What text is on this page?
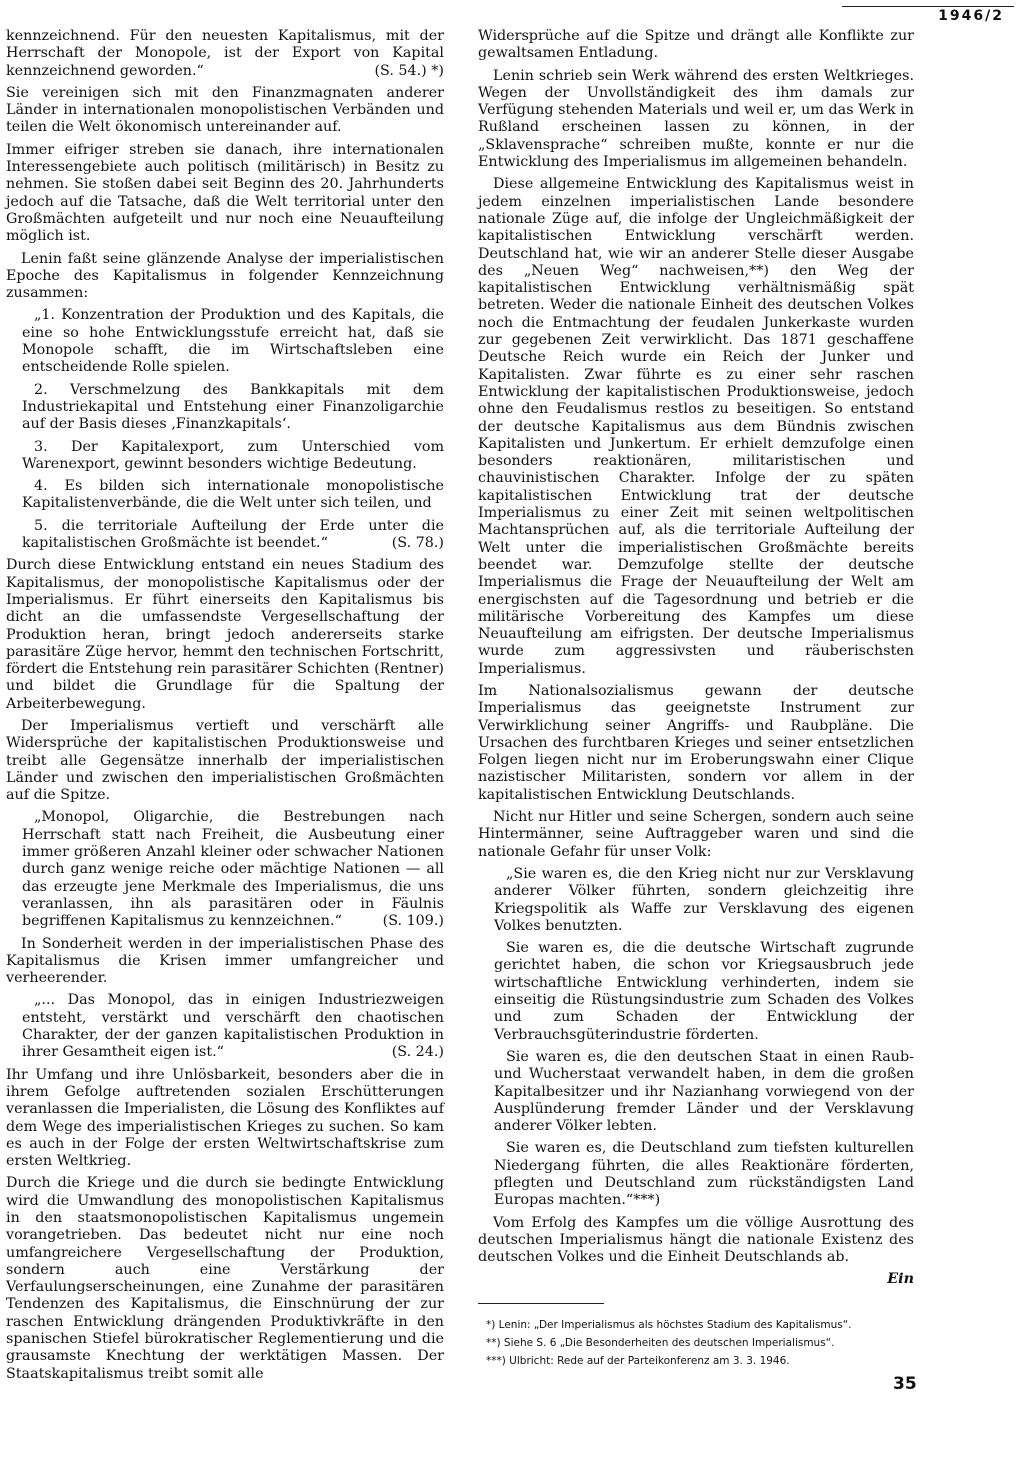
1946/2

kennzeichnend. Für den neuesten Kapitalismus, mit der Herrschaft der Monopole, ist der Export von Kapital kennzeichnend geworden.“	(S. 54.) *)

Sie vereinigen sich mit den Finanzmagnaten anderer Länder in internationalen monopolistischen Verbänden und teilen die Welt ökonomisch untereinander auf.

Immer eifriger streben sie danach, ihre internationalen Interessengebiete auch politisch (militärisch) in Besitz zu nehmen. Sie stoßen dabei seit Beginn des 20. Jahrhunderts jedoch auf die Tatsache, daß die Welt territorial unter den Großmächten aufgeteilt und nur noch eine Neuaufteilung möglich ist.

Lenin faßt seine glänzende Analyse der imperialistischen Epoche des Kapitalismus in folgender Kennzeichnung zusammen:

„1. Konzentration der Produktion und des Kapitals, die eine so hohe Entwicklungsstufe erreicht hat, daß sie Monopole schafft, die im Wirtschaftsleben eine entscheidende Rolle spielen.

2. Verschmelzung des Bankkapitals mit dem Industriekapital und Entstehung einer Finanzoligarchie auf der Basis dieses ‚Finanzkapitals‘.

3. Der Kapitalexport, zum Unterschied vom Warenexport, gewinnt besonders wichtige Bedeutung.

4. Es bilden sich internationale monopolistische Kapitalistenverbände, die die Welt unter sich teilen, und

5. die territoriale Aufteilung der Erde unter die kapitalistischen Großmächte ist beendet.“	(S. 78.)

Durch diese Entwicklung entstand ein neues Stadium des Kapitalismus, der monopolistische Kapitalismus oder der Imperialismus. Er führt einerseits den Kapitalismus bis dicht an die umfassendste Vergesellschaftung der Produktion heran, bringt jedoch andererseits starke parasitäre Züge hervor, hemmt den technischen Fortschritt, fördert die Entstehung rein parasitärer Schichten (Rentner) und bildet die Grundlage für die Spaltung der Arbeiterbewegung.

Der Imperialismus vertieft und verschärft alle Widersprüche der kapitalistischen Produktionsweise und treibt alle Gegensätze innerhalb der imperialistischen Länder und zwischen den imperialistischen Großmächten auf die Spitze.

„Monopol, Oligarchie, die Bestrebungen nach Herrschaft statt nach Freiheit, die Ausbeutung einer immer größeren Anzahl kleiner oder schwacher Nationen durch ganz wenige reiche oder mächtige Nationen — all das erzeugte jene Merkmale des Imperialismus, die uns veranlassen, ihn als parasitären oder in Fäulnis begriffenen Kapitalismus zu kennzeichnen.“	(S. 109.)

In Sonderheit werden in der imperialistischen Phase des Kapitalismus die Krisen immer umfangreicher und verheerender.

„... Das Monopol, das in einigen Industriezweigen entsteht, verstärkt und verschärft den chaotischen Charakter, der der ganzen kapitalistischen Produktion in ihrer Gesamtheit eigen ist.“	(S. 24.)

Ihr Umfang und ihre Unlösbarkeit, besonders aber die in ihrem Gefolge auftretenden sozialen Erschütterungen veranlassen die Imperialisten, die Lösung des Konfliktes auf dem Wege des imperialistischen Krieges zu suchen. So kam es auch in der Folge der ersten Weltwirtschaftskrise zum ersten Weltkrieg.

Durch die Kriege und die durch sie bedingte Entwicklung wird die Umwandlung des monopolistischen Kapitalismus in den staatsmonopolistischen Kapitalismus ungemein vorangetrieben. Das bedeutet nicht nur eine noch umfangreichere Vergesellschaftung der Produktion, sondern auch eine Verstärkung der Verfaulungserscheinungen, eine Zunahme der parasitären Tendenzen des Kapitalismus, die Einschnürung der zur raschen Entwicklung drängenden Produktivkräfte in den spanischen Stiefel bürokratischer Reglementierung und die grausamste Knechtung der werktätigen Massen. Der Staatskapitalismus treibt somit alle

Widersprüche auf die Spitze und drängt alle Konflikte zur gewaltsamen Entladung.

Lenin schrieb sein Werk während des ersten Weltkrieges. Wegen der Unvollständigkeit des ihm damals zur Verfügung stehenden Materials und weil er, um das Werk in Rußland erscheinen lassen zu können, in der „Sklavensprache“ schreiben mußte, konnte er nur die Entwicklung des Imperialismus im allgemeinen behandeln.

Diese allgemeine Entwicklung des Kapitalismus weist in jedem einzelnen imperialistischen Lande besondere nationale Züge auf, die infolge der Ungleichmäßigkeit der kapitalistischen Entwicklung verschärft werden. Deutschland hat, wie wir an anderer Stelle dieser Ausgabe des „Neuen Weg“ nachweisen,**) den Weg der kapitalistischen Entwicklung verhältnismäßig spät betreten. Weder die nationale Einheit des deutschen Volkes noch die Entmachtung der feudalen Junkerkaste wurden zur gegebenen Zeit verwirklicht. Das 1871 geschaffene Deutsche Reich wurde ein Reich der Junker und Kapitalisten. Zwar führte es zu einer sehr raschen Entwicklung der kapitalistischen Produktionsweise, jedoch ohne den Feudalismus restlos zu beseitigen. So entstand der deutsche Kapitalismus aus dem Bündnis zwischen Kapitalisten und Junkertum. Er erhielt demzufolge einen besonders reaktionären, militaristischen und chauvinistischen Charakter. Infolge der zu späten kapitalistischen Entwicklung trat der deutsche Imperialismus zu einer Zeit mit seinen weltpolitischen Machtansprüchen auf, als die territoriale Aufteilung der Welt unter die imperialistischen Großmächte bereits beendet war. Demzufolge stellte der deutsche Imperialismus die Frage der Neuaufteilung der Welt am energischsten auf die Tagesordnung und betrieb er die militärische Vorbereitung des Kampfes um diese Neuaufteilung am eifrigsten. Der deutsche Imperialismus wurde zum aggressivsten und räuberischsten Imperialismus.

Im Nationalsozialismus gewann der deutsche Imperialismus das geeignetste Instrument zur Verwirklichung seiner Angriffs- und Raubpläne. Die Ursachen des furchtbaren Krieges und seiner entsetzlichen Folgen liegen nicht nur im Eroberungswahn einer Clique nazistischer Militaristen, sondern vor allem in der kapitalistischen Entwicklung Deutschlands.

Nicht nur Hitler und seine Schergen, sondern auch seine Hintermänner, seine Auftraggeber waren und sind die nationale Gefahr für unser Volk:

„Sie waren es, die den Krieg nicht nur zur Versklavung anderer Völker führten, sondern gleichzeitig ihre Kriegspolitik als Waffe zur Versklavung des eigenen Volkes benutzten.

Sie waren es, die die deutsche Wirtschaft zugrunde gerichtet haben, die schon vor Kriegsausbruch jede wirtschaftliche Entwicklung verhinderten, indem sie einseitig die Rüstungsindustrie zum Schaden des Volkes und zum Schaden der Entwicklung der Verbrauchsgüterindustrie förderten.

Sie waren es, die den deutschen Staat in einen Raub- und Wucherstaat verwandelt haben, in dem die großen Kapitalbesitzer und ihr Nazianhang vorwiegend von der Ausplünderung fremder Länder und der Versklavung anderer Völker lebten.

Sie waren es, die Deutschland zum tiefsten kulturellen Niedergang führten, die alles Reaktionäre förderten, pflegten und Deutschland zum rückständigsten Land Europas machten.“***)

Vom Erfolg des Kampfes um die völlige Ausrottung des deutschen Imperialismus hängt die nationale Existenz des deutschen Volkes und die Einheit Deutschlands ab.

Ein
*) Lenin: „Der Imperialismus als höchstes Stadium des Kapitalismus“.
**) Siehe S. 6 „Die Besonderheiten des deutschen Imperialismus“.
***) Ulbricht: Rede auf der Parteikonferenz am 3. 3. 1946.
35
